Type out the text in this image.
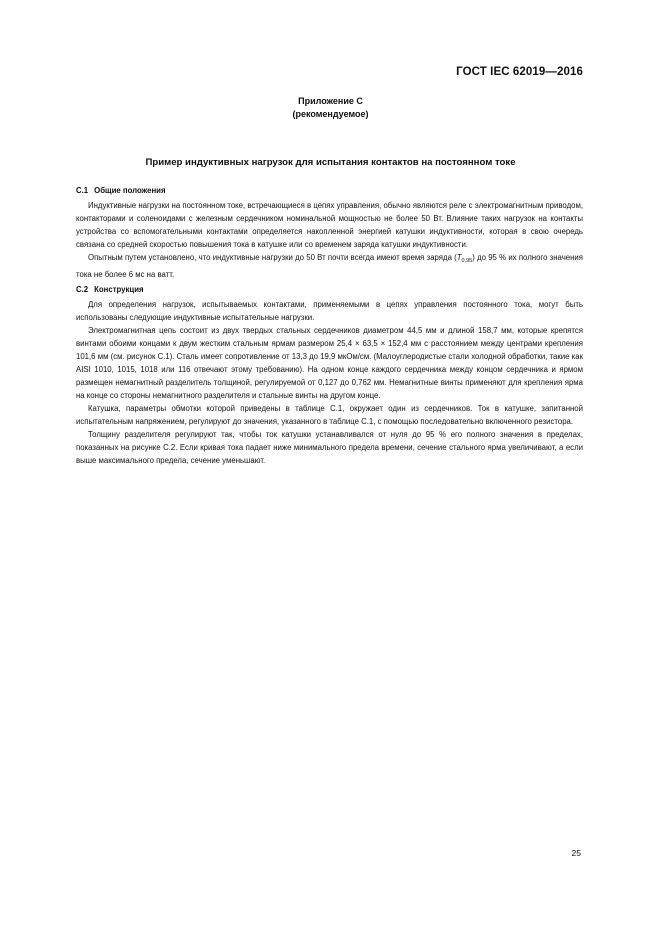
ГОСТ IEC 62019—2016
Приложение C
(рекомендуемое)
Пример индуктивных нагрузок для испытания контактов на постоянном токе
C.1 Общие положения

Индуктивные нагрузки на постоянном токе, встречающиеся в цепях управления, обычно являются реле с электромагнитным приводом, контакторами и соленоидами с железным сердечником номинальной мощностью не более 50 Вт. Влияние таких нагрузок на контакты устройства со вспомогательными контактами определяется накопленной энергией катушки индуктивности, которая в свою очередь связана со средней скоростью повышения тока в катушке или со временем заряда катушки индуктивности.

Опытным путем установлено, что индуктивные нагрузки до 50 Вт почти всегда имеют время заряда $(T_{0,95})$ до 95 % их полного значения тока не более 6 мс на ватт.

C.2 Конструкция

Для определения нагрузок, испытываемых контактами, применяемыми в цепях управления постоянного тока, могут быть использованы следующие индуктивные испытательные нагрузки.

Электромагнитная цепь состоит из двух твердых стальных сердечников диаметром 44,5 мм и длиной 158,7 мм, которые крепятся винтами обоими концами к двум жестким стальным ярмам размером 25,4 × 63,5 × 152,4 мм с расстоянием между центрами крепления 101,6 мм (см. рисунок C.1). Сталь имеет сопротивление от 13,3 до 19,9 мкОм/см. (Малоуглеродистые стали холодной обработки, такие как AISI 1010, 1015, 1018 или 116 отвечают этому требованию). На одном конце каждого сердечника между концом сердечника и ярмом размещен немагнитный разделитель толщиной, регулируемой от 0,127 до 0,762 мм. Немагнитные винты применяют для крепления ярма на конце со стороны немагнитного разделителя и стальные винты на другом конце.

Катушка, параметры обмотки которой приведены в таблице C.1, окружает один из сердечников. Ток в катушке, запитанной испытательным напряжением, регулируют до значения, указанного в таблице C.1, с помощью последовательно включенного резистора.

Толщину разделителя регулируют так, чтобы ток катушки устанавливался от нуля до 95 % его полного значения в пределах, показанных на рисунке C.2. Если кривая тока падает ниже минимального предела времени, сечение стального ярма увеличивают, а если выше максимального предела, сечение уменьшают.

25
